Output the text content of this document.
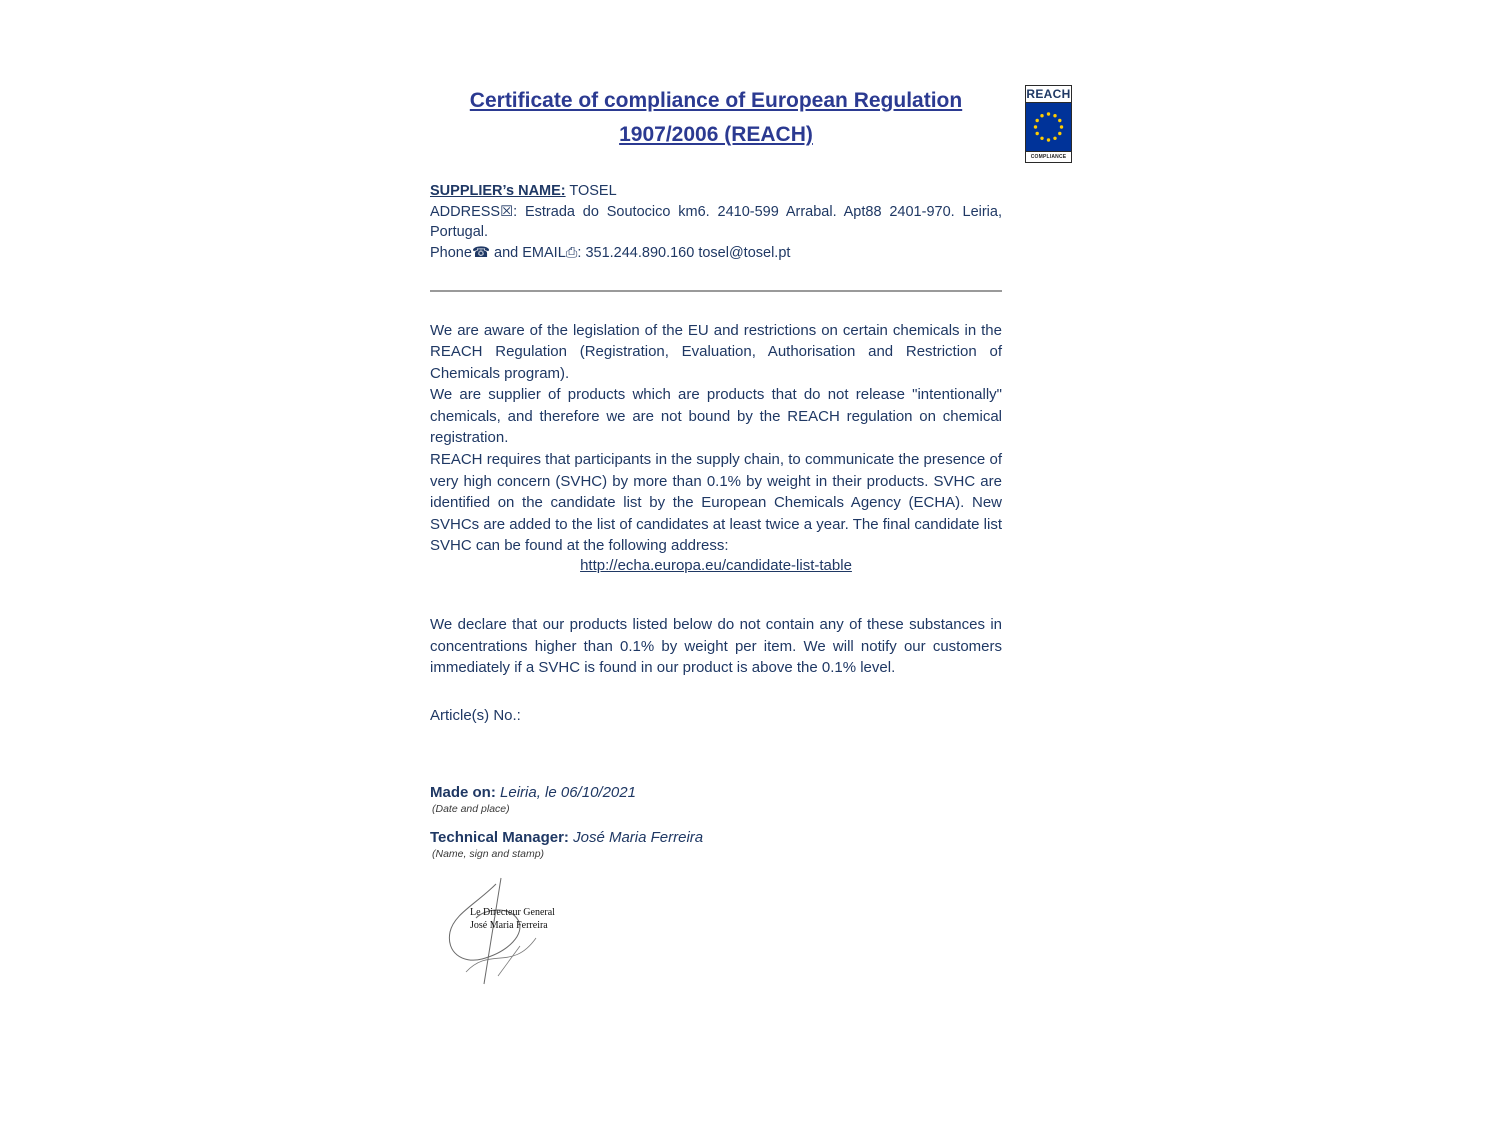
REACH
COMPLIANCE
Certificate of compliance of European Regulation
1907/2006 (REACH)
SUPPLIER’s NAME: TOSEL
ADDRESS☒: Estrada do Soutocico km6. 2410-599 Arrabal. Apt88 2401-970. Leiria, Portugal.
Phone☎ and EMAIL⎙: 351.244.890.160 tosel@tosel.pt

We are aware of the legislation of the EU and restrictions on certain chemicals in the REACH Regulation (Registration, Evaluation, Authorisation and Restriction of Chemicals program).

We are supplier of products which are products that do not release "intentionally" chemicals, and therefore we are not bound by the REACH regulation on chemical registration.

REACH requires that participants in the supply chain, to communicate the presence of very high concern (SVHC) by more than 0.1% by weight in their products. SVHC are identified on the candidate list by the European Chemicals Agency (ECHA). New SVHCs are added to the list of candidates at least twice a year. The final candidate list SVHC can be found at the following address:

http://echa.europa.eu/candidate-list-table

We declare that our products listed below do not contain any of these substances in concentrations higher than 0.1% by weight per item. We will notify our customers immediately if a SVHC is found in our product is above the 0.1% level.

Article(s) No.:

Made on: Leiria, le 06/10/2021

(Date and place)

Technical Manager: José Maria Ferreira

(Name, sign and stamp)
Le Directeur General
José Maria Ferreira
